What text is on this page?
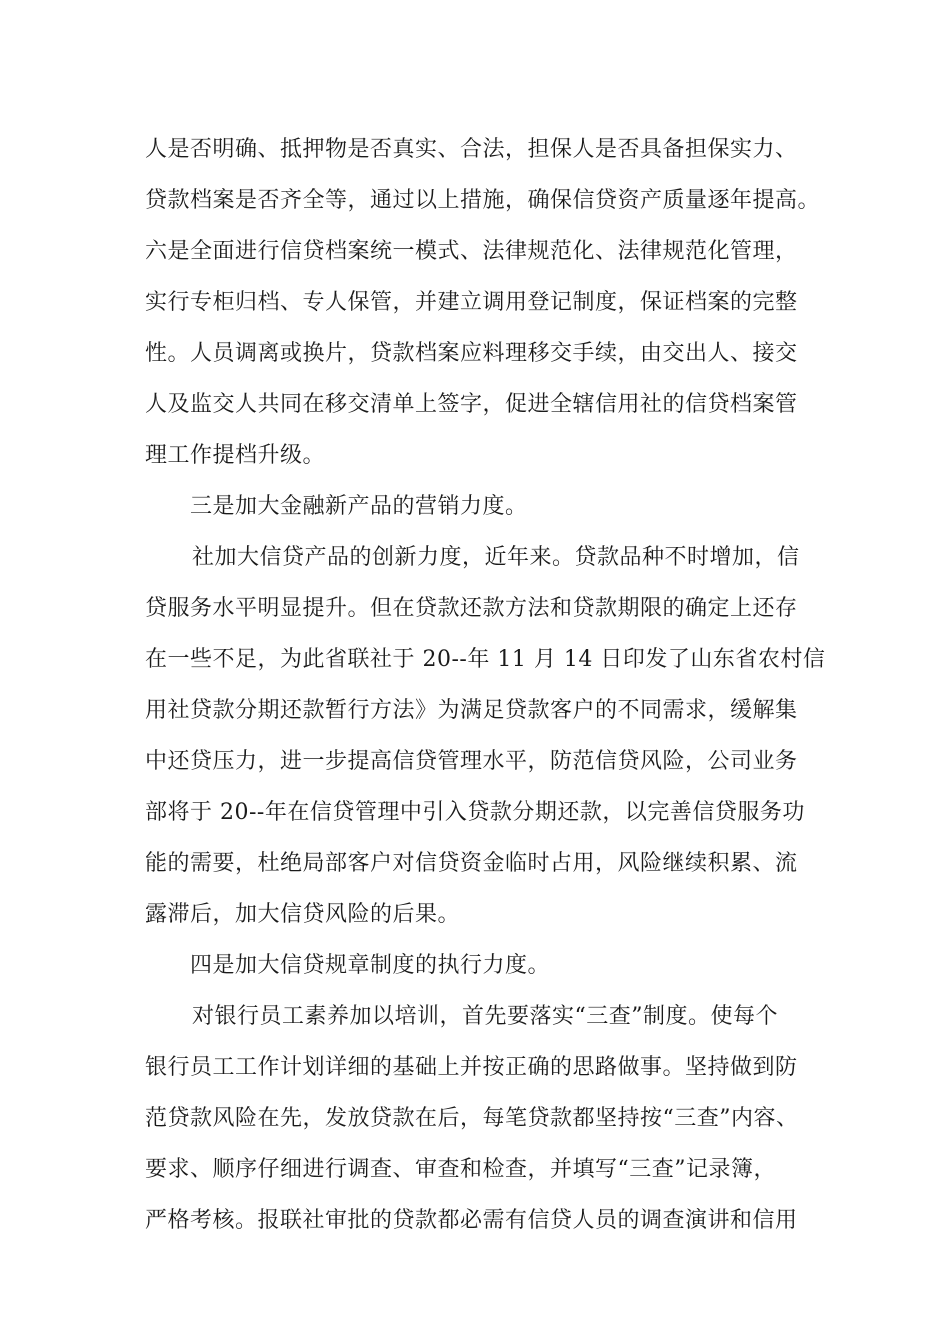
人是否明确、抵押物是否真实、合法，担保人是否具备担保实力、
贷款档案是否齐全等，通过以上措施，确保信贷资产质量逐年提高。
六是全面进行信贷档案统一模式、法律规范化、法律规范化管理，
实行专柜归档、专人保管，并建立调用登记制度，保证档案的完整
性。人员调离或换片，贷款档案应料理移交手续，由交出人、接交
人及监交人共同在移交清单上签字，促进全辖信用社的信贷档案管
理工作提档升级。
三是加大金融新产品的营销力度。
社加大信贷产品的创新力度，近年来。贷款品种不时增加，信
贷服务水平明显提升。但在贷款还款方法和贷款期限的确定上还存
在一些不足，为此省联社于 20--年 11 月 14 日印发了山东省农村信
用社贷款分期还款暂行方法》为满足贷款客户的不同需求，缓解集
中还贷压力，进一步提高信贷管理水平，防范信贷风险，公司业务
部将于 20--年在信贷管理中引入贷款分期还款，以完善信贷服务功
能的需要，杜绝局部客户对信贷资金临时占用，风险继续积累、流
露滞后，加大信贷风险的后果。
四是加大信贷规章制度的执行力度。
对银行员工素养加以培训，首先要落实“三查”制度。使每个
银行员工工作计划详细的基础上并按正确的思路做事。坚持做到防
范贷款风险在先，发放贷款在后，每笔贷款都坚持按“三查”内容、
要求、顺序仔细进行调查、审查和检查，并填写“三查”记录簿，
严格考核。报联社审批的贷款都必需有信贷人员的调查演讲和信用
